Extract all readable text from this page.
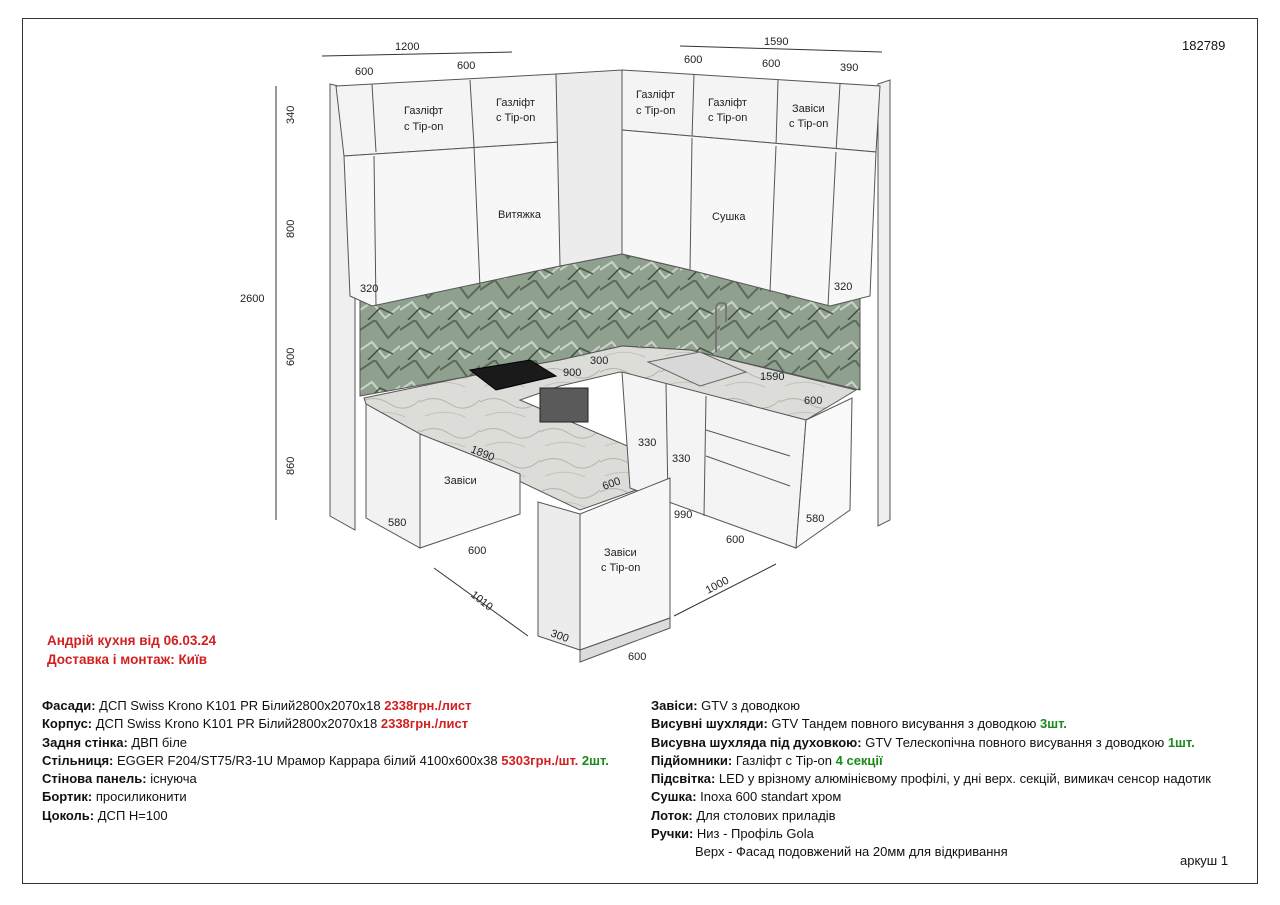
182789
аркуш 1
1200	1590
600	600	600	600	390
340
800
2600
600
860
320	320
900
300
1590
600
1890
600
580
600
330
330
990
600
580
1010
1000
300
600
Газліфт
с Tip-on
Газліфт
с Tip-on
Газліфт
с Tip-on
Газліфт
с Tip-on
Завіси
с Tip-on
Витяжка	Сушка
Завіси
Завіси
с Tip-on
Андрій кухня від 06.03.24
Доставка і монтаж: Київ
Фасади: ДСП Swiss Krono K101 PR Білий2800х2070х18 2338грн./лист
Корпус: ДСП Swiss Krono K101 PR Білий2800х2070х18 2338грн./лист
Задня стінка: ДВП біле
Стільниця: EGGER F204/ST75/R3-1U Мрамор Каррара білий 4100х600х38 5303грн./шт. 2шт.
Стінова панель: існуюча
Бортик: просиликонити
Цоколь: ДСП H=100
Завіси: GTV з доводкою
Висувні шухляди: GTV Тандем повного висування з доводкою 3шт.
Висувна шухляда під духовкою: GTV Телескопічна повного висування з доводкою 1шт.
Підйомники: Газліфт с Tip-on 4 секції
Підсвітка: LED у врізному алюмінієвому профілі, у дні верх. секцій, вимикач сенсор надотик
Сушка: Inoxa 600 standart хром
Лоток: Для столових приладів
Ручки: Низ - Профіль Gola
Верх - Фасад подовжений на 20мм для відкривання
